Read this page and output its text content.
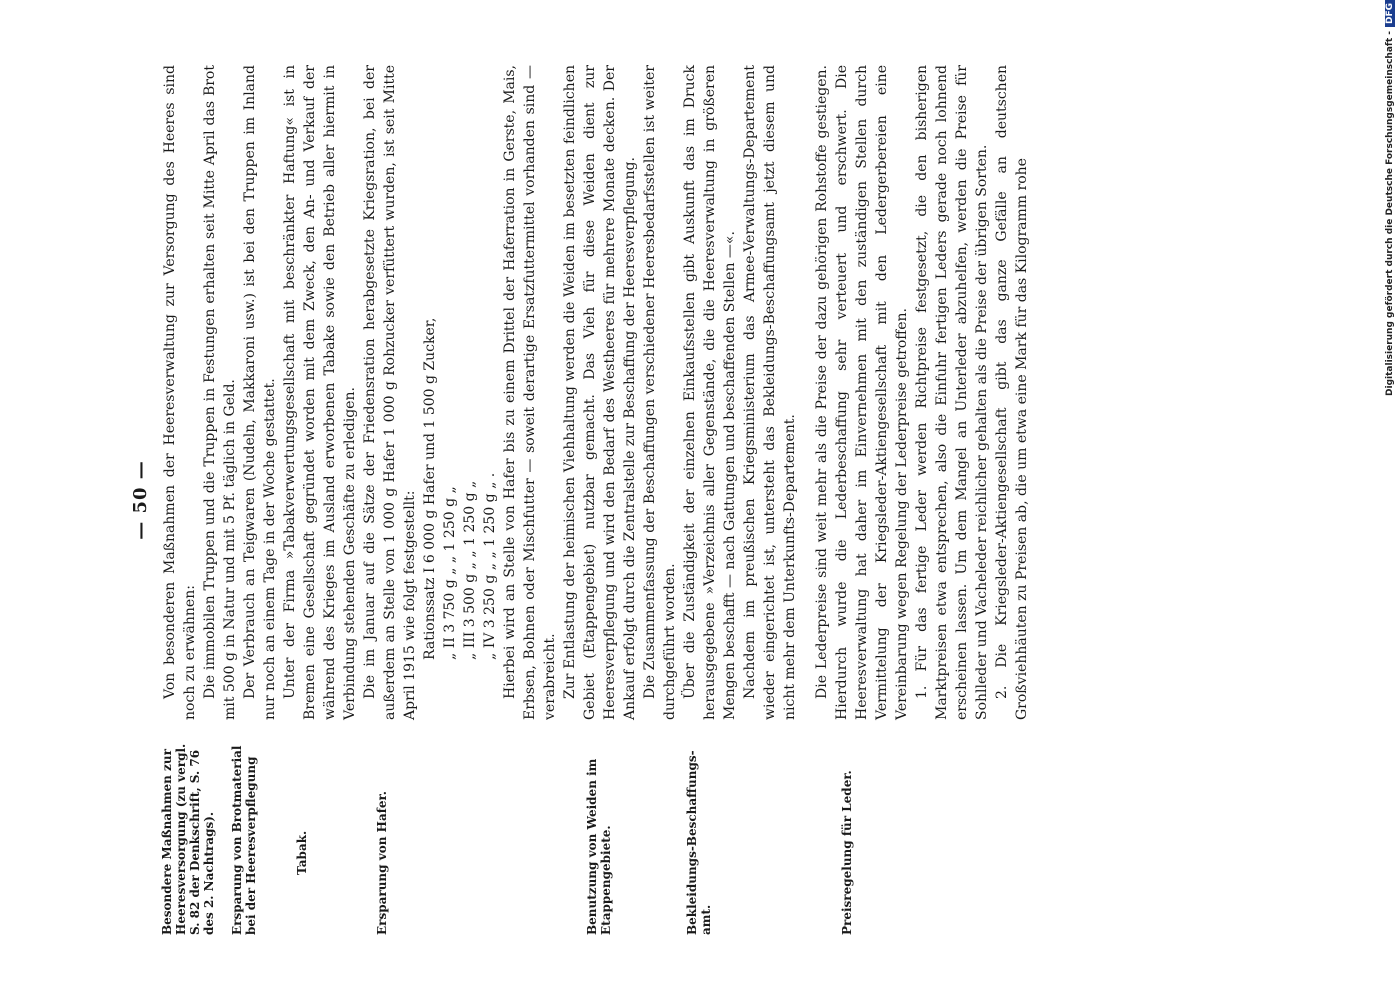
— 50 —
Besondere Maßnahmen zur Heeresversorgung (zu vergl. S. 82 der Denkschrift, S. 76 des 2. Nachtrags). Ersparung von Brotmaterial bei der Heeresverpflegung	Tabak.	Ersparung von Hafer.	Benutzung von Weiden im Etappengebiete.	Bekleidungs-Beschaffungs-amt.	Preisregelung für Leder.

Von besonderen Maßnahmen der Heeresverwaltung zur Versorgung des Heeres sind noch zu erwähnen: Die immobilen Truppen und die Truppen in Festungen erhalten seit Mitte April das Brot mit 500 g in Natur und mit 5 Pf. täglich in Geld. Der Verbrauch an Teigwaren (Nudeln, Makkaroni usw.) ist bei den Truppen im Inland nur noch an einem Tage in der Woche gestattet. Unter der Firma »Tabakverwertungsgesellschaft mit beschränkter Haftung« ist in Bremen eine Gesellschaft gegründet worden mit dem Zweck, den An- und Verkauf der während des Krieges im Ausland erworbenen Tabake sowie den Betrieb aller hiermit in Verbindung stehenden Geschäfte zu erledigen. Die im Januar auf die Sätze der Friedensration herabgesetzte Kriegsration, bei der außerdem an Stelle von 1 000 g Hafer 1 000 g Rohzucker verfüttert wurden, ist seit Mitte April 1915 wie folgt festgestellt: Rationssatz I 6 000 g Hafer und 1 500 g Zucker, „ II 3 750 g „ „ 1 250 g „ „ III 3 500 g „ „ 1 250 g „ „ IV 3 250 g „ „ 1 250 g „ . Hierbei wird an Stelle von Hafer bis zu einem Drittel der Haferration in Gerste, Mais, Erbsen, Bohnen oder Mischfutter — soweit derartige Ersatzfuttermittel vorhanden sind — verabreicht. Zur Entlastung der heimischen Viehhaltung werden die Weiden im besetzten feindlichen Gebiet (Etappengebiet) nutzbar gemacht. Das Vieh für diese Weiden dient zur Heeresverpflegung und wird den Bedarf des Westheeres für mehrere Monate decken. Der Ankauf erfolgt durch die Zentralstelle zur Beschaffung der Heeresverpflegung. Die Zusammenfassung der Beschaffungen verschiedener Heeresbedarfsstellen ist weiter durchgeführt worden. Über die Zuständigkeit der einzelnen Einkaufsstellen gibt Auskunft das im Druck herausgegebene »Verzeichnis aller Gegenstände, die die Heeresverwaltung in größeren Mengen beschafft — nach Gattungen und beschaffenden Stellen —«. Nachdem im preußischen Kriegsministerium das Armee-Verwaltungs-Departement wieder eingerichtet ist, untersteht das Bekleidungs-Beschaffungsamt jetzt diesem und nicht mehr dem Unterkunfts-Departement. Die Lederpreise sind weit mehr als die Preise der dazu gehörigen Rohstoffe gestiegen. Hierdurch wurde die Lederbeschaffung sehr verteuert und erschwert. Die Heeresverwaltung hat daher im Einvernehmen mit den zuständigen Stellen durch Vermittelung der Kriegsleder-Aktiengesellschaft mit den Ledergerbereien eine Vereinbarung wegen Regelung der Lederpreise getroffen. 1. Für das fertige Leder werden Richtpreise festgesetzt, die den bisherigen Marktpreisen etwa entsprechen, also die Einfuhr fertigen Leders gerade noch lohnend erscheinen lassen. Um dem Mangel an Unterleder abzuhelfen, werden die Preise für Sohlleder und Vacheleder reichlicher gehalten als die Preise der übrigen Sorten. 2. Die Kriegsleder-Aktiengesellschaft gibt das ganze Gefälle an deutschen Großviehhäuten zu Preisen ab, die um etwa eine Mark für das Kilogramm rohe	Digitalisierung gefördert durch die Deutsche Forschungsgemeinschaft -
DFG
